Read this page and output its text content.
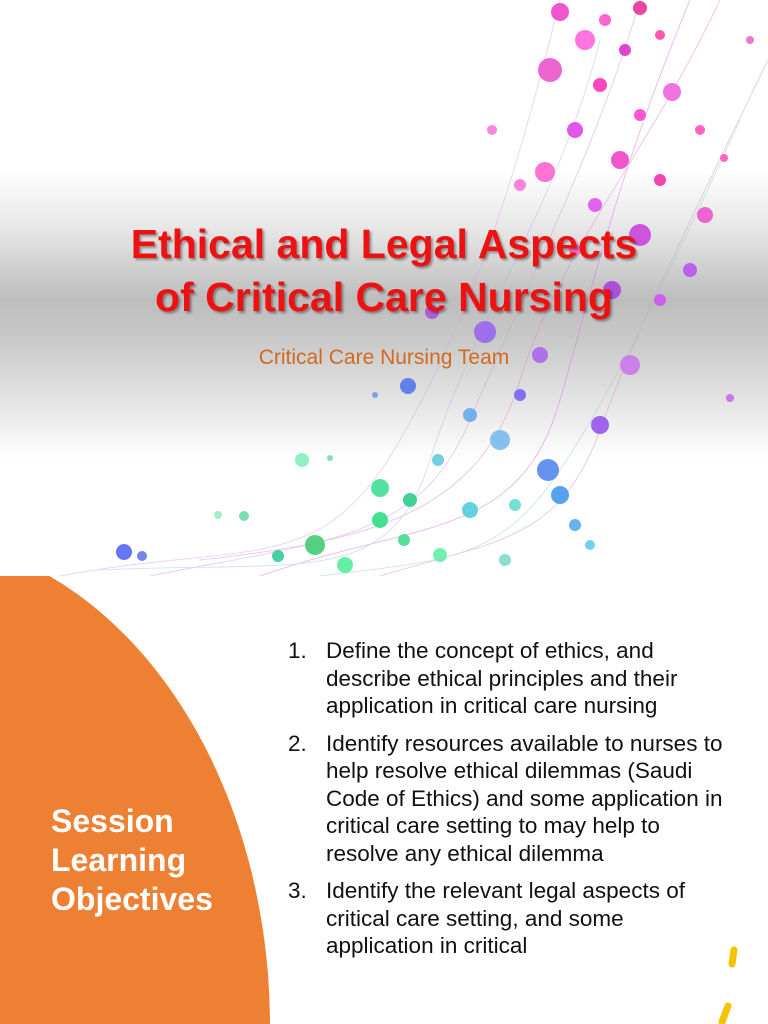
Ethical and Legal Aspects
of Critical Care Nursing

Critical Care Nursing Team

Session
Learning
Objectives
1. Define the concept of ethics, and describe ethical principles and their application in critical care nursing
2. Identify resources available to nurses to help resolve ethical dilemmas (Saudi Code of Ethics) and some application in critical care setting to may help to resolve any ethical dilemma
3. Identify the relevant legal aspects of critical care setting, and some application in critical
